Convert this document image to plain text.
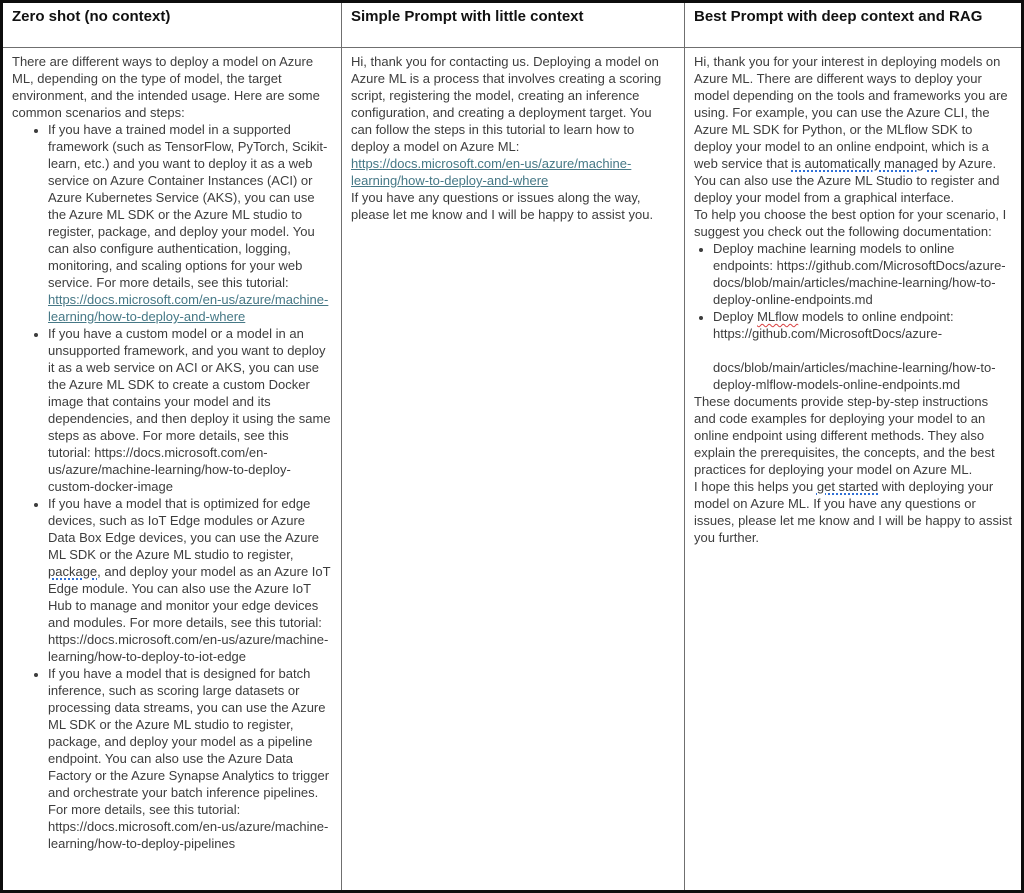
Zero shot (no context)	Simple Prompt with little context	Best Prompt with deep context and RAG

There are different ways to deploy a model on Azure ML, depending on the type of model, the target environment, and the intended usage. Here are some common scenarios and steps:

• If you have a trained model in a supported framework (such as TensorFlow, PyTorch, Scikit-learn, etc.) and you want to deploy it as a web service on Azure Container Instances (ACI) or Azure Kubernetes Service (AKS), you can use the Azure ML SDK or the Azure ML studio to register, package, and deploy your model. You can also configure authentication, logging, monitoring, and scaling options for your web service. For more details, see this tutorial: https://docs.microsoft.com/en-us/azure/machine-learning/how-to-deploy-and-where
• If you have a custom model or a model in an unsupported framework, and you want to deploy it as a web service on ACI or AKS, you can use the Azure ML SDK to create a custom Docker image that contains your model and its dependencies, and then deploy it using the same steps as above. For more details, see this tutorial: https://docs.microsoft.com/en-us/azure/machine-learning/how-to-deploy-custom-docker-image
• If you have a model that is optimized for edge devices, such as IoT Edge modules or Azure Data Box Edge devices, you can use the Azure ML SDK or the Azure ML studio to register, package, and deploy your model as an Azure IoT Edge module. You can also use the Azure IoT Hub to manage and monitor your edge devices and modules. For more details, see this tutorial: https://docs.microsoft.com/en-us/azure/machine-learning/how-to-deploy-to-iot-edge
• If you have a model that is designed for batch inference, such as scoring large datasets or processing data streams, you can use the Azure ML SDK or the Azure ML studio to register, package, and deploy your model as a pipeline endpoint. You can also use the Azure Data Factory or the Azure Synapse Analytics to trigger and orchestrate your batch inference pipelines. For more details, see this tutorial: https://docs.microsoft.com/en-us/azure/machine-learning/how-to-deploy-pipelines

Hi, thank you for contacting us. Deploying a model on Azure ML is a process that involves creating a scoring script, registering the model, creating an inference configuration, and creating a deployment target. You can follow the steps in this tutorial to learn how to deploy a model on Azure ML:

https://docs.microsoft.com/en-us/azure/machine-learning/how-to-deploy-and-where

If you have any questions or issues along the way, please let me know and I will be happy to assist you.

Hi, thank you for your interest in deploying models on Azure ML. There are different ways to deploy your model depending on the tools and frameworks you are using. For example, you can use the Azure CLI, the Azure ML SDK for Python, or the MLflow SDK to deploy your model to an online endpoint, which is a web service that is automatically managed by Azure. You can also use the Azure ML Studio to register and deploy your model from a graphical interface.

To help you choose the best option for your scenario, I suggest you check out the following documentation:

• Deploy machine learning models to online endpoints: https://github.com/MicrosoftDocs/azure-docs/blob/main/articles/machine-learning/how-to-deploy-online-endpoints.md
• Deploy MLflow models to online endpoint: https://github.com/MicrosoftDocs/azure-
docs/blob/main/articles/machine-learning/how-to-deploy-mlflow-models-online-endpoints.md

These documents provide step-by-step instructions and code examples for deploying your model to an online endpoint using different methods. They also explain the prerequisites, the concepts, and the best practices for deploying your model on Azure ML.

I hope this helps you get started with deploying your model on Azure ML. If you have any questions or issues, please let me know and I will be happy to assist you further.
